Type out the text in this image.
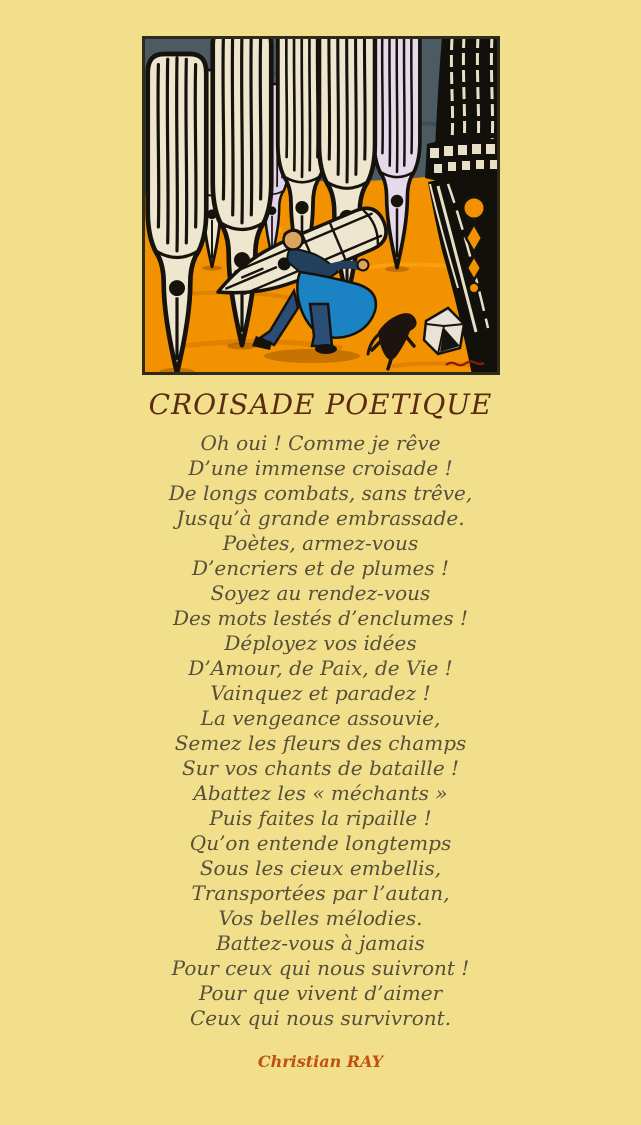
CROISADE POETIQUE
Oh oui ! Comme je rêve
D’une immense croisade !
De longs combats, sans trêve,
Jusqu’à grande embrassade.
Poètes, armez-vous
D’encriers et de plumes !
Soyez au rendez-vous
Des mots lestés d’enclumes !
Déployez vos idées
D’Amour, de Paix, de Vie !
Vainquez et paradez !
La vengeance assouvie,
Semez les fleurs des champs
Sur vos chants de bataille !
Abattez les « méchants »
Puis faites la ripaille !
Qu’on entende longtemps
Sous les cieux embellis,
Transportées par l’autan,
Vos belles mélodies.
Battez-vous à jamais
Pour ceux qui nous suivront !
Pour que vivent d’aimer
Ceux qui nous survivront.
Christian RAY
